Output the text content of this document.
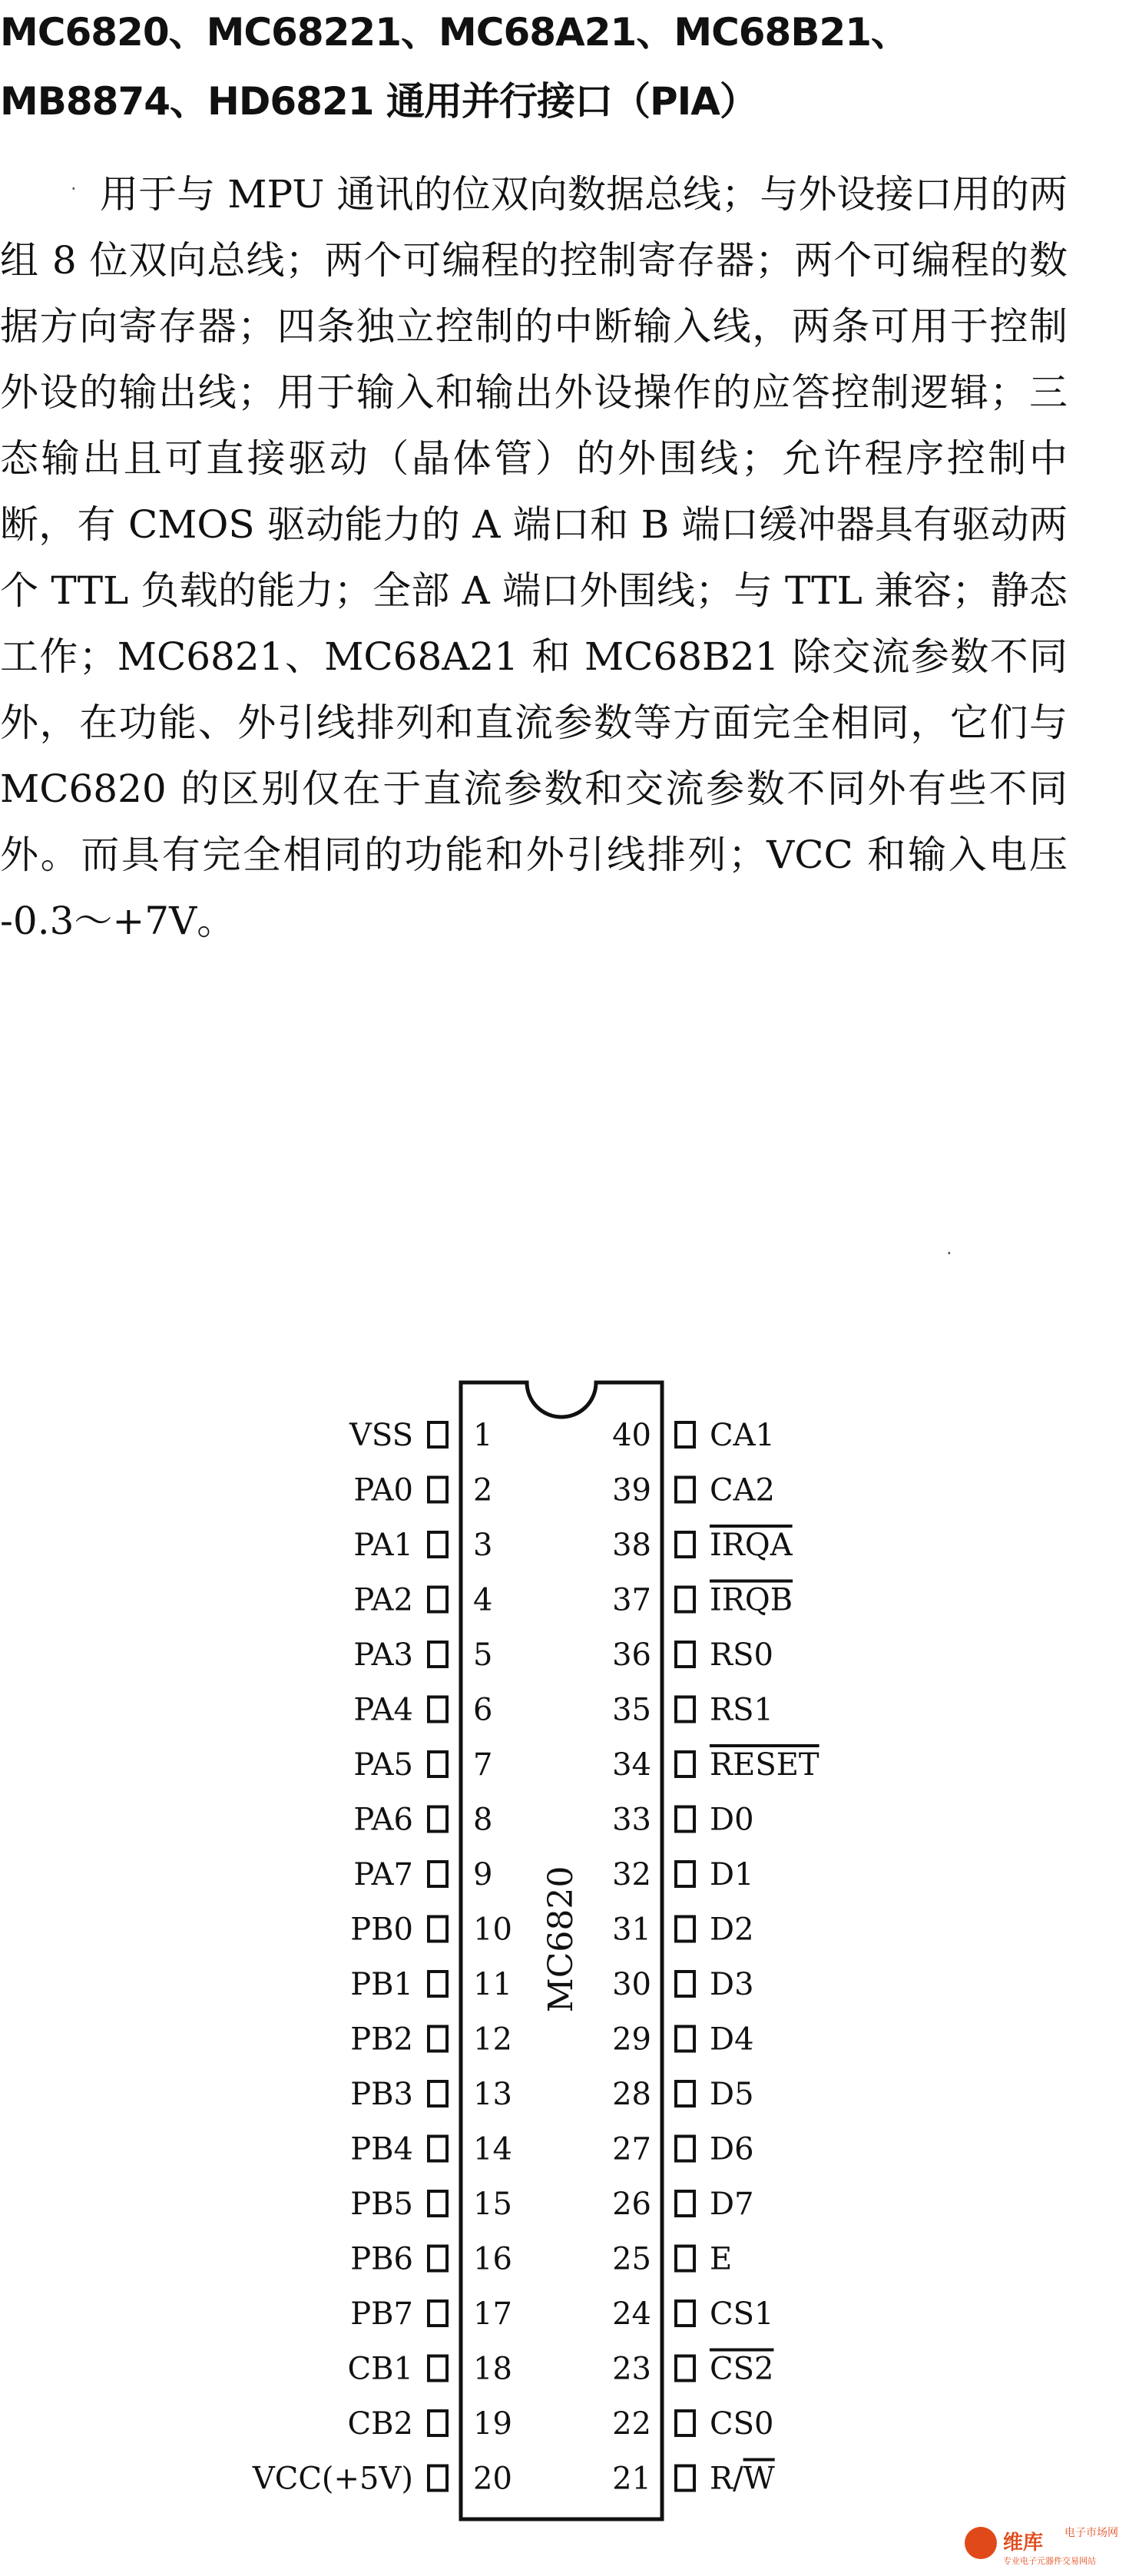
MC6820、MC68221、MC68A21、MC68B21、
MB8874、HD6821 通用并行接口（PIA）
用于与 MPU 通讯的位双向数据总线；与外设接口用的两组 8 位双向总线；两个可编程的控制寄存器；两个可编程的数据方向寄存器；四条独立控制的中断输入线，两条可用于控制外设的输出线；用于输入和输出外设操作的应答控制逻辑；三态输出且可直接驱动（晶体管）的外围线；允许程序控制中断，有 CMOS 驱动能力的 A 端口和 B 端口缓冲器具有驱动两个 TTL 负载的能力；全部 A 端口外围线；与 TTL 兼容；静态工作；MC6821、MC68A21 和 MC68B21 除交流参数不同外，在功能、外引线排列和直流参数等方面完全相同，它们与 MC6820 的区别仅在于直流参数和交流参数不同外有些不同外。而具有完全相同的功能和外引线排列；VCC 和输入电压 -0.3～+7V。
·
·
MC6820
1
VSS
2
PA0
3
PA1
4
PA2
5
PA3
6
PA4
7
PA5
8
PA6
9
PA7
10
PB0
11
PB1
12
PB2
13
PB3
14
PB4
15
PB5
16
PB6
17
PB7
18
CB1
19
CB2
20
VCC(+5V)
40 CA1
39 CA2
38 IRQA
37 IRQB
36 RS0
35 RS1
34 RESET
33 D0
32 D1
31 D2
30 D3
29 D4
28 D5
27 D6
26 D7
25 E
24 CS1
23 CS2
22 CS0
21 R/W
维库 电子市场网
专业电子元器件交易网站
